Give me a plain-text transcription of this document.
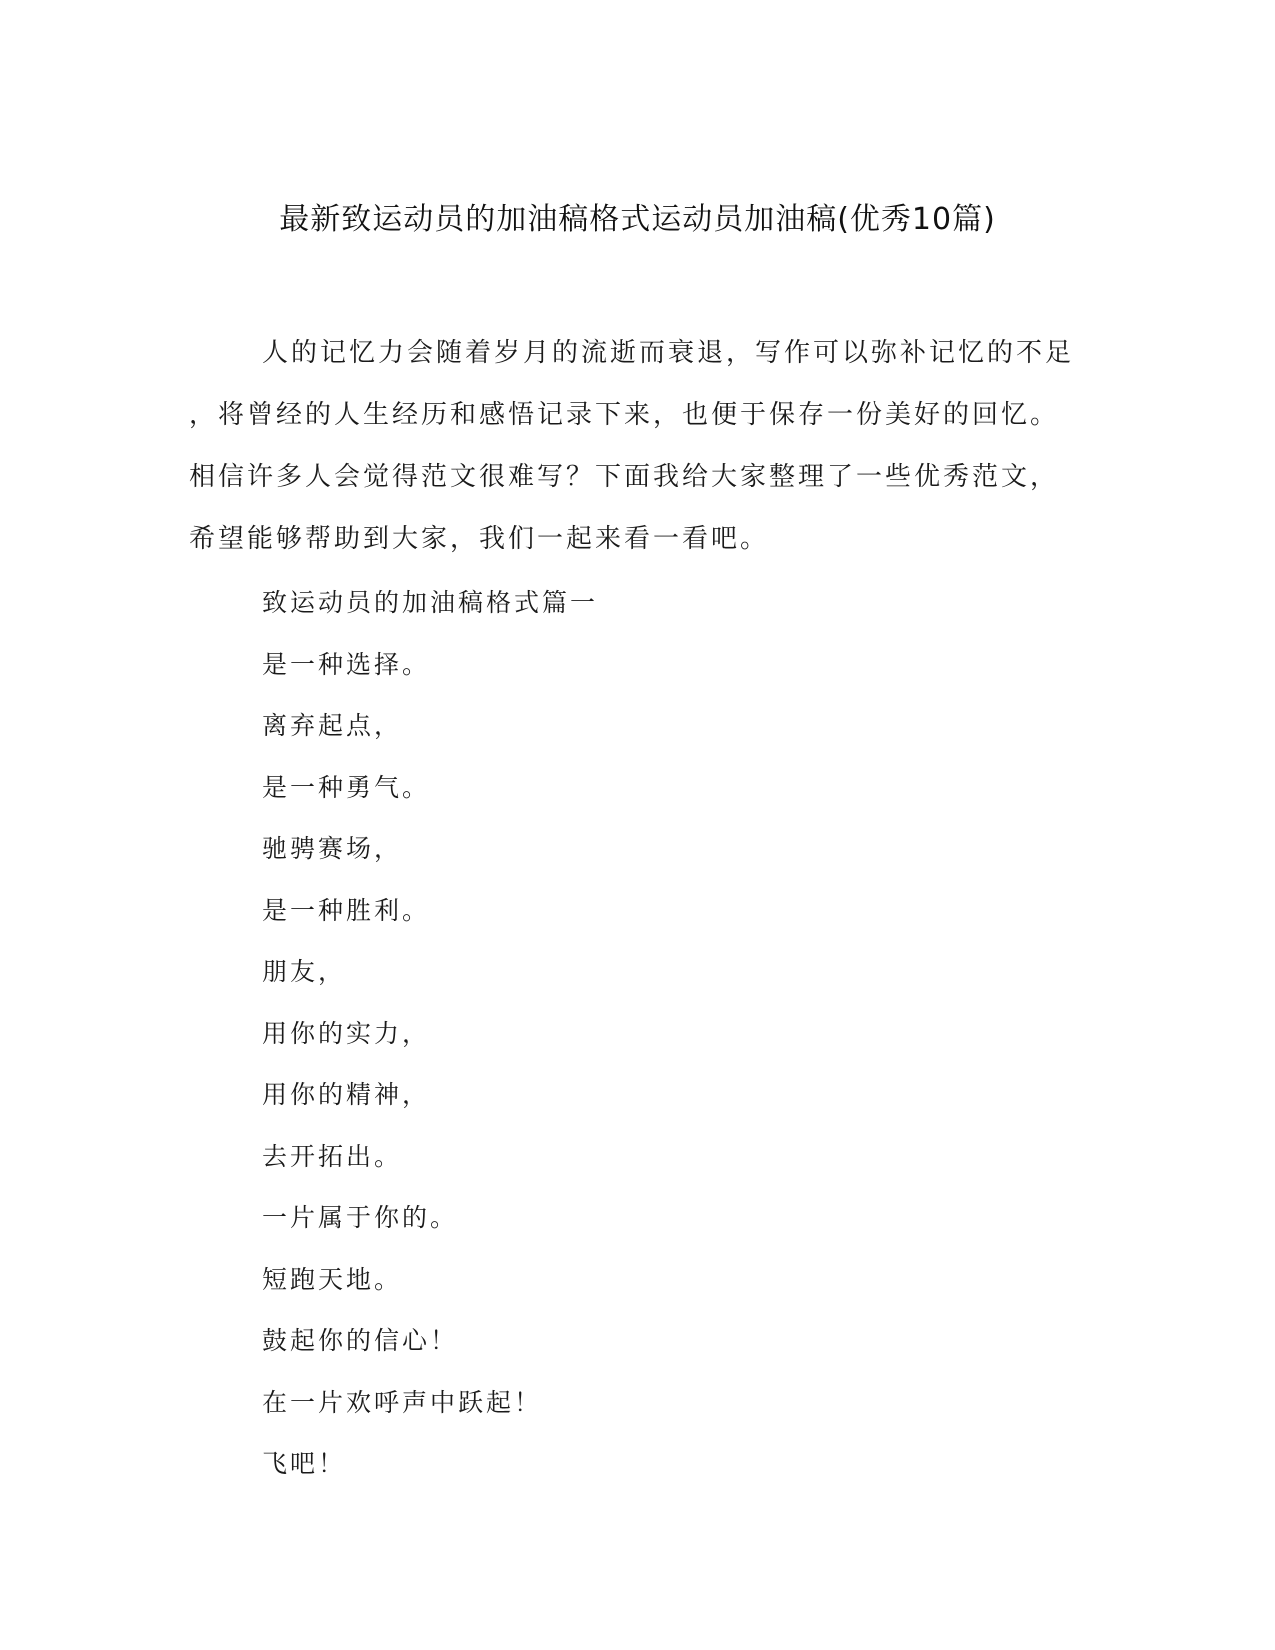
最新致运动员的加油稿格式运动员加油稿(优秀10篇)
人的记忆力会随着岁月的流逝而衰退，写作可以弥补记忆的不足
，将曾经的人生经历和感悟记录下来，也便于保存一份美好的回忆。
相信许多人会觉得范文很难写？下面我给大家整理了一些优秀范文，
希望能够帮助到大家，我们一起来看一看吧。
致运动员的加油稿格式篇一
是一种选择。
离弃起点，
是一种勇气。
驰骋赛场，
是一种胜利。
朋友，
用你的实力，
用你的精神，
去开拓出。
一片属于你的。
短跑天地。
鼓起你的信心！
在一片欢呼声中跃起！
飞吧！
